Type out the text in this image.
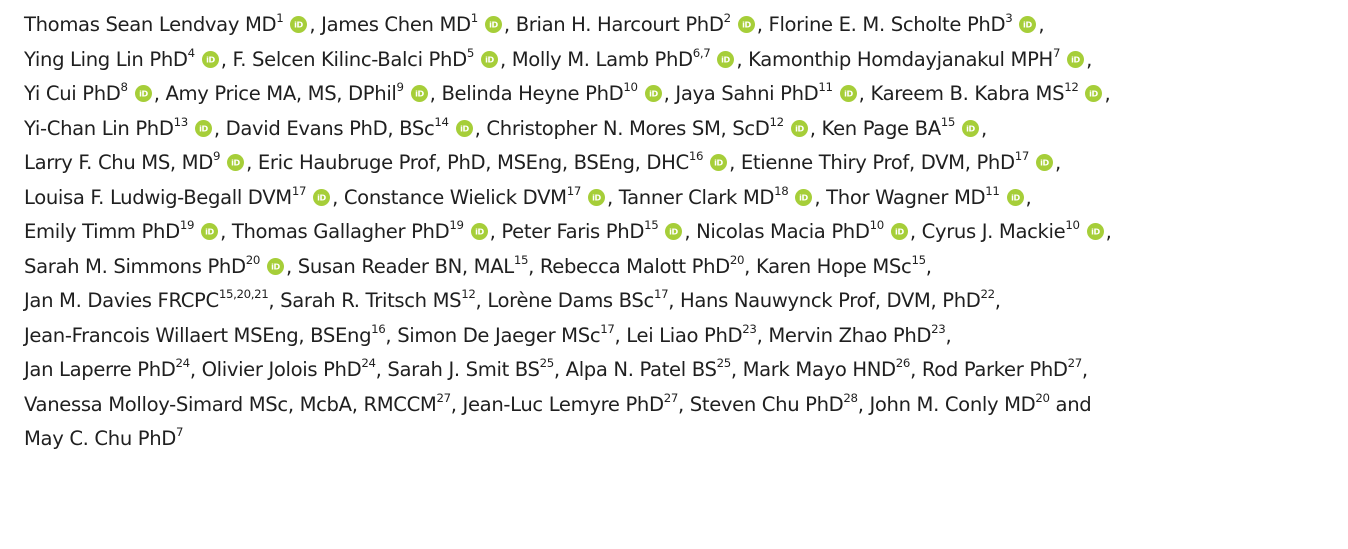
Thomas Sean Lendvay $MD^1$ iD , James Chen $MD^1$ iD , Brian H. Harcourt PhD$^2$ iD , Florine E. M. Scholte PhD$^3$ iD ,
Ying Ling Lin PhD$^4$ iD , F. Selcen Kilinc-Balci PhD$^5$ iD , Molly M. Lamb PhD$^{6,7}$ iD , Kamonthip Homdayjanakul MPH$^7$ iD ,
Yi Cui PhD$^8$ iD , Amy Price MA, MS, DPhil$^9$ iD , Belinda Heyne PhD$^{10}$ iD , Jaya Sahni PhD$^{11}$ iD , Kareem B. Kabra MS$^{12}$ iD ,
Yi-Chan Lin PhD$^{13}$ iD , David Evans PhD, BSc$^{14}$ iD , Christopher N. Mores SM, ScD$^{12}$ iD , Ken Page BA$^{15}$ iD ,
Larry F. Chu MS, $MD^9$ iD , Eric Haubruge Prof, PhD, MSEng, BSEng, DHC$^{16}$ iD , Etienne Thiry Prof, DVM, PhD$^{17}$ iD ,
Louisa F. Ludwig-Begall DVM$^{17}$ iD , Constance Wielick DVM$^{17}$ iD , Tanner Clark MD$^{18}$ iD , Thor Wagner MD$^{11}$ iD ,
Emily Timm PhD$^{19}$ iD , Thomas Gallagher PhD$^{19}$ iD , Peter Faris PhD$^{15}$ iD , Nicolas Macia PhD$^{10}$ iD , Cyrus J. Mackie$^{10}$ iD ,
Sarah M. Simmons PhD$^{20}$ iD , Susan Reader BN, MAL$^{15}$, Rebecca Malott PhD$^{20}$, Karen Hope MSc$^{15}$,
Jan M. Davies FRCPC$^{15,20,21}$, Sarah R. Tritsch MS$^{12}$, Lorène Dams BSc$^{17}$, Hans Nauwynck Prof, DVM, PhD$^{22}$,
Jean-Francois Willaert MSEng, BSEng$^{16}$, Simon De Jaeger MSc$^{17}$, Lei Liao PhD$^{23}$, Mervin Zhao PhD$^{23}$,
Jan Laperre PhD$^{24}$, Olivier Jolois PhD$^{24}$, Sarah J. Smit BS$^{25}$, Alpa N. Patel BS$^{25}$, Mark Mayo HND$^{26}$, Rod Parker PhD$^{27}$,
Vanessa Molloy-Simard MSc, McbA, RMCCM$^{27}$, Jean-Luc Lemyre PhD$^{27}$, Steven Chu PhD$^{28}$, John M. Conly MD$^{20}$ and
May C. Chu PhD$^7$
